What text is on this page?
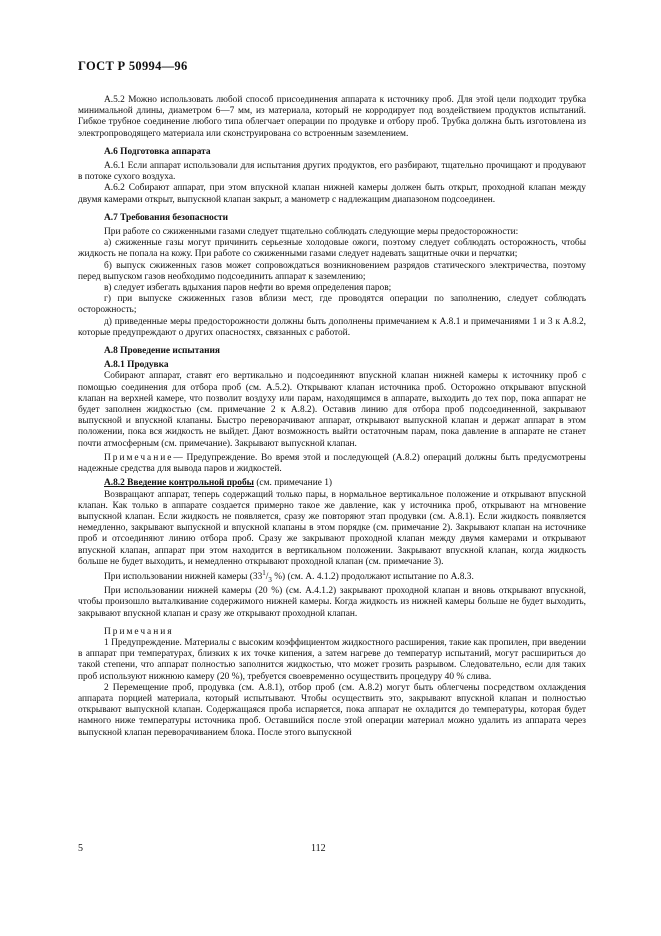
ГОСТ Р 50994—96

А.5.2 Можно использовать любой способ присоединения аппарата к источнику проб. Для этой цели подходит трубка минимальной длины, диаметром 6—7 мм, из материала, который не корродирует под воздействием продуктов испытаний. Гибкое трубное соединение любого типа облегчает операции по продувке и отбору проб. Трубка должна быть изготовлена из электропроводящего материала или сконструирована со встроенным заземлением.

А.6 Подготовка аппарата

А.6.1 Если аппарат использовали для испытания других продуктов, его разбирают, тщательно прочищают и продувают в потоке сухого воздуха.

А.6.2 Собирают аппарат, при этом впускной клапан нижней камеры должен быть открыт, проходной клапан между двумя камерами открыт, выпускной клапан закрыт, а манометр с надлежащим диапазоном подсоединен.

А.7 Требования безопасности

При работе со сжиженными газами следует тщательно соблюдать следующие меры предосторожности:

а) сжиженные газы могут причинить серьезные холодовые ожоги, поэтому следует соблюдать осторожность, чтобы жидкость не попала на кожу. При работе со сжиженными газами следует надевать защитные очки и перчатки;

б) выпуск сжиженных газов может сопровождаться возникновением разрядов статического электричества, поэтому перед выпуском газов необходимо подсоединить аппарат к заземлению;

в) следует избегать вдыхания паров нефти во время определения паров;

г) при выпуске сжиженных газов вблизи мест, где проводятся операции по заполнению, следует соблюдать осторожность;

д) приведенные меры предосторожности должны быть дополнены примечанием к А.8.1 и примечаниями 1 и 3 к А.8.2, которые предупреждают о других опасностях, связанных с работой.

А.8 Проведение испытания
А.8.1 Продувка

Собирают аппарат, ставят его вертикально и подсоединяют впускной клапан нижней камеры к источнику проб с помощью соединения для отбора проб (см. А.5.2). Открывают клапан источника проб. Осторожно открывают впускной клапан на верхней камере, что позволит воздуху или парам, находящимся в аппарате, выходить до тех пор, пока аппарат не будет заполнен жидкостью (см. примечание 2 к А.8.2). Оставив линию для отбора проб подсоединенной, закрывают выпускной и впускной клапаны. Быстро переворачивают аппарат, открывают выпускной клапан и держат аппарат в этом положении, пока вся жидкость не выйдет. Дают возможность выйти остаточным парам, пока давление в аппарате не станет почти атмосферным (см. примечание). Закрывают выпускной клапан.

Примечание— Предупреждение. Во время этой и последующей (А.8.2) операций должны быть предусмотрены надежные средства для вывода паров и жидкостей.

А.8.2 Введение контрольной пробы (см. примечание 1)

Возвращают аппарат, теперь содержащий только пары, в нормальное вертикальное положение и открывают впускной клапан. Как только в аппарате создается примерно такое же давление, как у источника проб, открывают на мгновение выпускной клапан. Если жидкость не появляется, сразу же повторяют этап продувки (см. А.8.1). Если жидкость появляется немедленно, закрывают выпускной и впускной клапаны в этом порядке (см. примечание 2). Закрывают клапан на источнике проб и отсоединяют линию отбора проб. Сразу же закрывают проходной клапан между двумя камерами и открывают впускной клапан, аппарат при этом находится в вертикальном положении. Закрывают впускной клапан, когда жидкость больше не будет выходить, и немедленно открывают проходной клапан (см. примечание 3).

При использовании нижней камеры ($33^1/_3$ %) (см. А. 4.1.2) продолжают испытание по А.8.3.

При использовании нижней камеры (20 %) (см. А.4.1.2) закрывают проходной клапан и вновь открывают впускной, чтобы произошло выталкивание содержимого нижней камеры. Когда жидкость из нижней камеры больше не будет выходить, закрывают впускной клапан и сразу же открывают проходной клапан.

Примечания

1 Предупреждение. Материалы с высоким коэффициентом жидкостного расширения, такие как пропилен, при введении в аппарат при температурах, близких к их точке кипения, а затем нагреве до температур испытаний, могут расшириться до такой степени, что аппарат полностью заполнится жидкостью, что может грозить разрывом. Следовательно, если для таких проб используют нижнюю камеру (20 %), требуется своевременно осуществить процедуру 40 % слива.

2 Перемещение проб, продувка (см. А.8.1), отбор проб (см. А.8.2) могут быть облегчены посредством охлаждения аппарата порцией материала, который испытывают. Чтобы осуществить это, закрывают впускной клапан и полностью открывают выпускной клапан. Содержащаяся проба испаряется, пока аппарат не охладится до температуры, которая будет намного ниже температуры источника проб. Оставшийся после этой операции материал можно удалить из аппарата через выпускной клапан переворачиванием блока. После этого выпускной

5	112
